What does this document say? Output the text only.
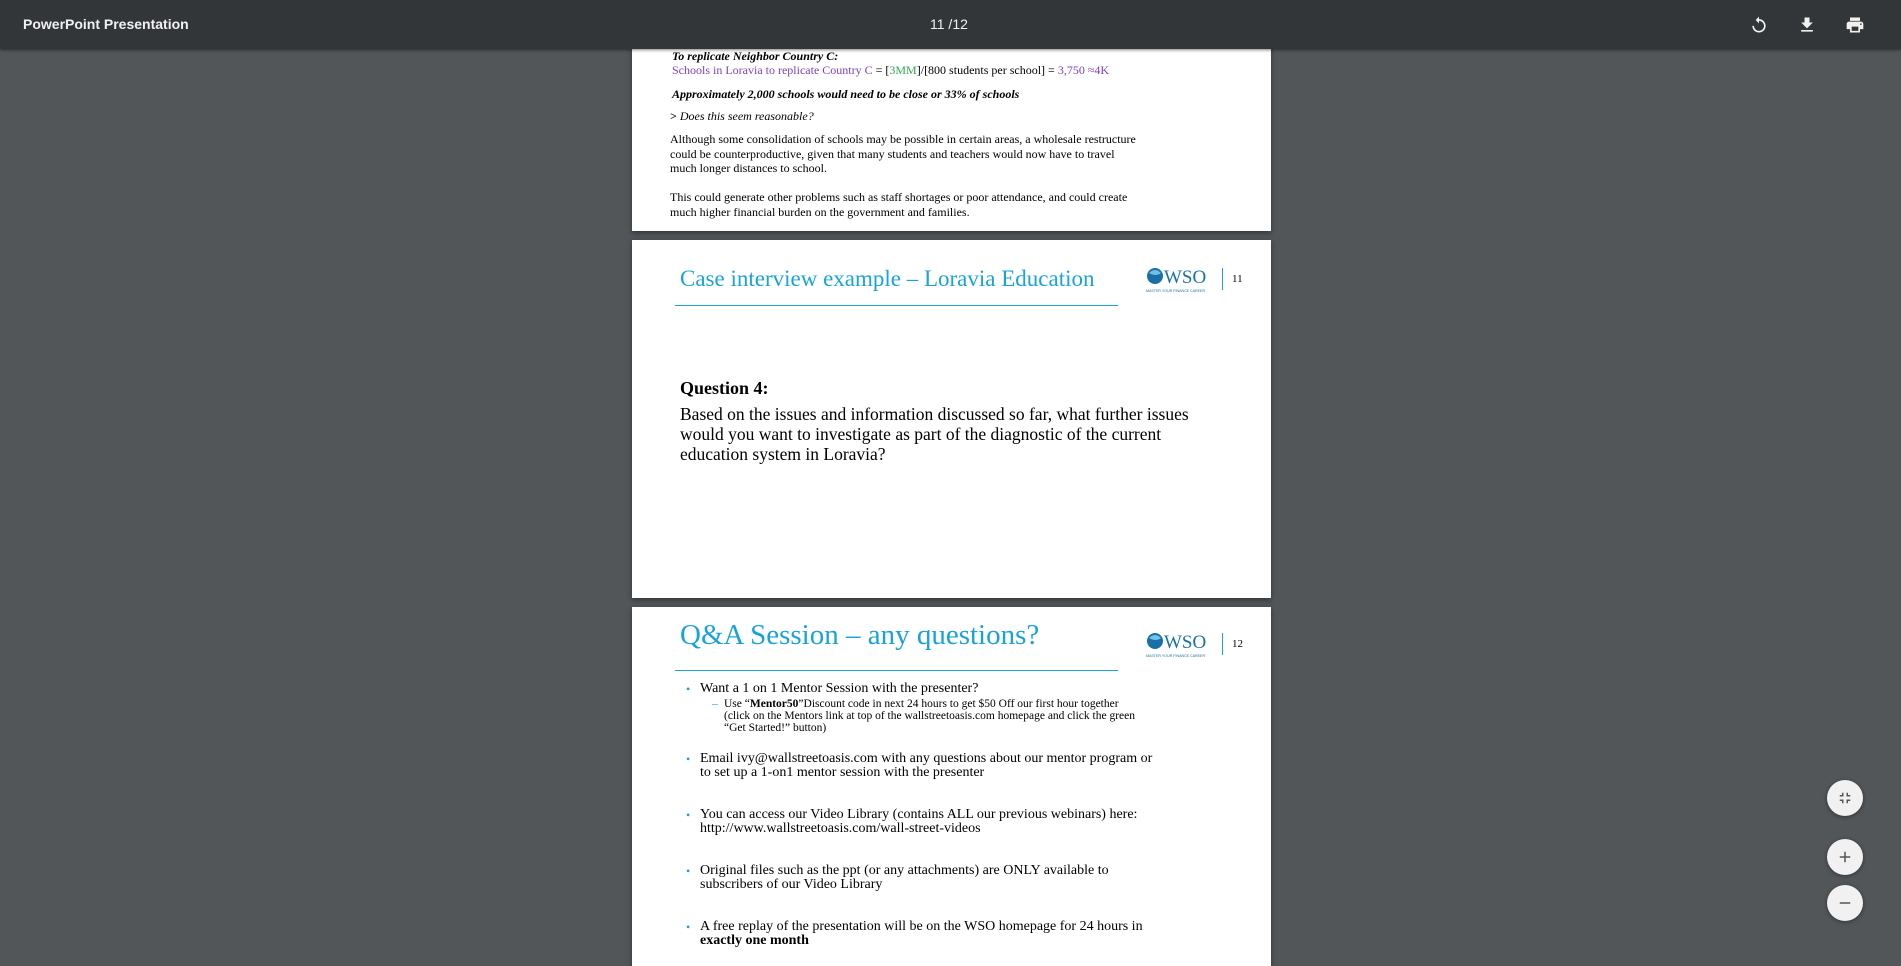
PowerPoint Presentation	11 /12

To replicate Neighbor Country C:

Schools in Loravia to replicate Country C = [3MM]/[800 students per school] = 3,750 ≈4K

Approximately 2,000 schools would need to be close or 33% of schools

> Does this seem reasonable?

Although some consolidation of schools may be possible in certain areas, a wholesale restructure
could be counterproductive, given that many students and teachers would now have to travel
much longer distances to school.

This could generate other problems such as staff shortages or poor attendance, and could create
much higher financial burden on the government and families.

Case interview example – Loravia Education	WSO
MASTER YOUR FINANCE CAREER
11

Question 4:

Based on the issues and information discussed so far, what further issues
would you want to investigate as part of the diagnostic of the current
education system in Loravia?

Q&A Session – any questions?	WSO
MASTER YOUR FINANCE CAREER
12
• Want a 1 on 1 Mentor Session with the presenter?
– Use “Mentor50”Discount code in next 24 hours to get $50 Off our first hour together
(click on the Mentors link at top of the wallstreetoasis.com homepage and click the green
“Get Started!” button)
• Email ivy@wallstreetoasis.com with any questions about our mentor program or
to set up a 1-on1 mentor session with the presenter
• You can access our Video Library (contains ALL our previous webinars) here:
http://www.wallstreetoasis.com/wall-street-videos
• Original files such as the ppt (or any attachments) are ONLY available to
subscribers of our Video Library
• A free replay of the presentation will be on the WSO homepage for 24 hours in
exactly one month
